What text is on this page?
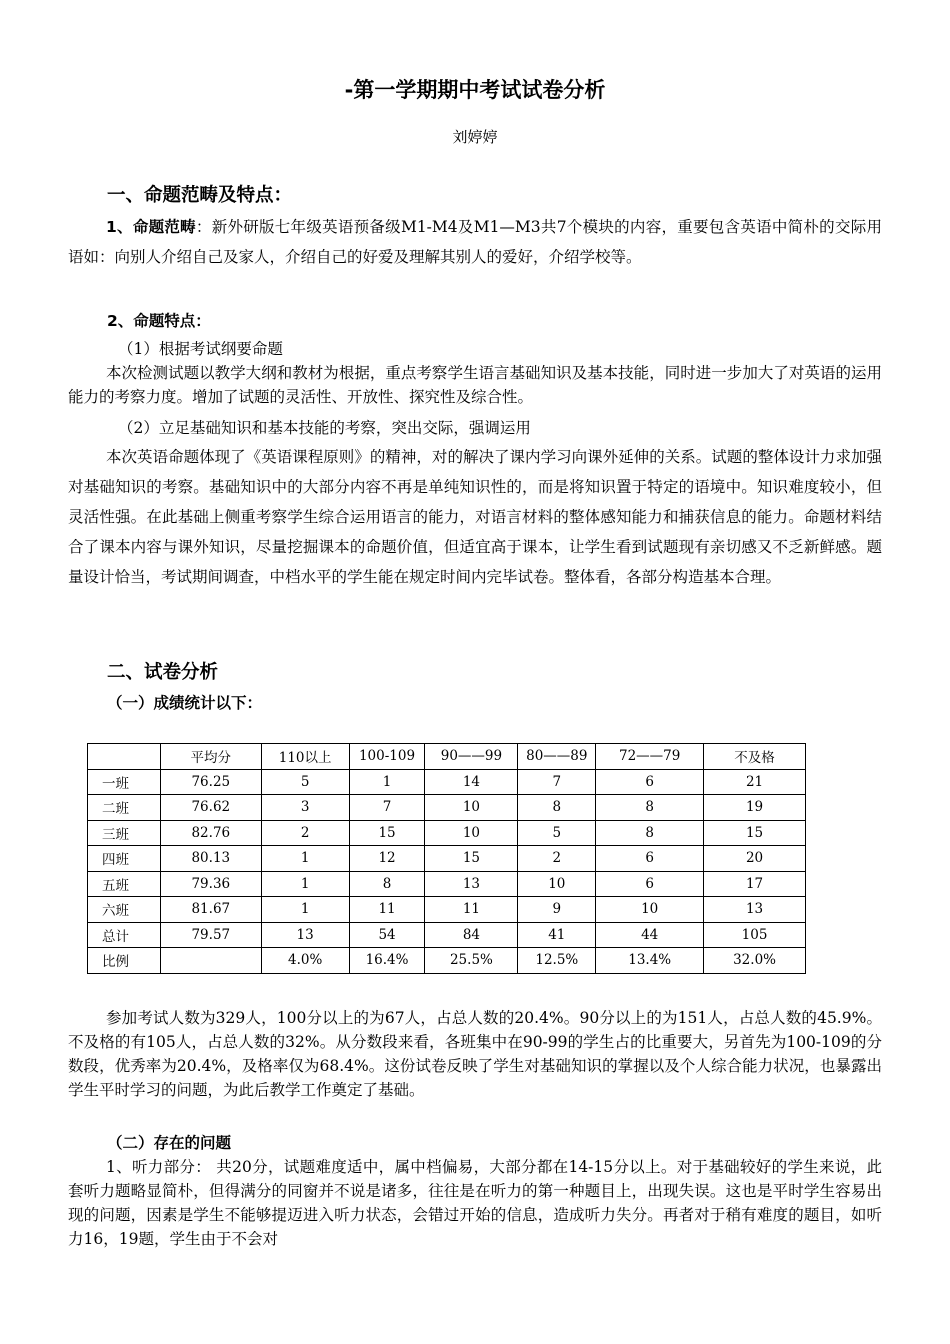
-第一学期期中考试试卷分析
刘婷婷
一、命题范畴及特点：

1、命题范畴：新外研版七年级英语预备级M1-M4及M1—M3共7个模块的内容，重要包含英语中简朴的交际用语如：向别人介绍自己及家人，介绍自己的好爱及理解其别人的爱好，介绍学校等。

2、命题特点：
（1）根据考试纲要命题

本次检测试题以教学大纲和教材为根据，重点考察学生语言基础知识及基本技能，同时进一步加大了对英语的运用能力的考察力度。增加了试题的灵活性、开放性、探究性及综合性。

（2）立足基础知识和基本技能的考察，突出交际，强调运用

本次英语命题体现了《英语课程原则》的精神，对的解决了课内学习向课外延伸的关系。试题的整体设计力求加强对基础知识的考察。基础知识中的大部分内容不再是单纯知识性的，而是将知识置于特定的语境中。知识难度较小，但灵活性强。在此基础上侧重考察学生综合运用语言的能力，对语言材料的整体感知能力和捕获信息的能力。命题材料结合了课本内容与课外知识，尽量挖掘课本的命题价值，但适宜高于课本，让学生看到试题现有亲切感又不乏新鲜感。题量设计恰当，考试期间调查，中档水平的学生能在规定时间内完毕试卷。整体看，各部分构造基本合理。

二、试卷分析
（一）成绩统计以下：
	平均分	110以上	100-109	90——99	80——89	72——79	不及格
一班	76.25	5	1	14	7	6	21
二班	76.62	3	7	10	8	8	19
三班	82.76	2	15	10	5	8	15
四班	80.13	1	12	15	2	6	20
五班	79.36	1	8	13	10	6	17
六班	81.67	1	11	11	9	10	13
总计	79.57	13	54	84	41	44	105
比例		4.0%	16.4%	25.5%	12.5%	13.4%	32.0%

参加考试人数为329人，100分以上的为67人，占总人数的20.4%。90分以上的为151人，占总人数的45.9%。不及格的有105人，占总人数的32%。从分数段来看，各班集中在90-99的学生占的比重要大，另首先为100-109的分数段，优秀率为20.4%，及格率仅为68.4%。这份试卷反映了学生对基础知识的掌握以及个人综合能力状况，也暴露出学生平时学习的问题，为此后教学工作奠定了基础。

（二）存在的问题

1、听力部分： 共20分，试题难度适中，属中档偏易，大部分都在14-15分以上。对于基础较好的学生来说，此套听力题略显简朴，但得满分的同窗并不说是诸多，往往是在听力的第一种题目上，出现失误。这也是平时学生容易出现的问题，因素是学生不能够提迈进入听力状态，会错过开始的信息，造成听力失分。再者对于稍有难度的题目，如听力16，19题，学生由于不会对
